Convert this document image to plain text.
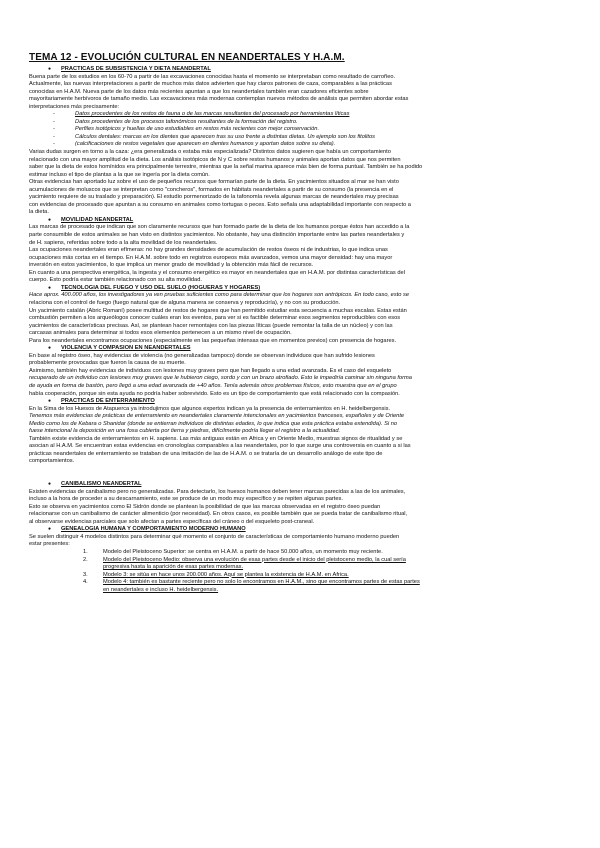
TEMA 12 - EVOLUCIÓN CULTURAL EN NEANDERTALES Y H.A.M.

● PRÁCTICAS DE SUBSISTENCIA Y DIETA NEANDERTAL

Buena parte de los estudios en los 60-70 a partir de las excavaciones conocidas hasta el momento se interpretaban como resultado de carroñeo.

Actualmente, las nuevas interpretaciones a partir de muchos más datos advierten que hay claros patrones de caza, comparables a las prácticas

conocidas en H.A.M. Nueva parte de los datos más recientes apuntan a que los neandertales también eran cazadores eficientes sobre

mayoritariamente herbívoros de tamaño medio. Las excavaciones más modernas contemplan nuevos métodos de análisis que permiten abordar estas

interpretaciones más precisamente:

-	Datos procedentes de los restos de fauna o de las marcas resultantes del procesado por herramientas líticas

-	Datos procedentes de los procesos tafonómicos resultantes de la formación del registro.

-	Perfiles isotópicos y huellas de uso estudiables en restos más recientes con mejor conservación.

-	Cálculos dentales: marcas en los dientes que aparecen tras su uso frente a distintas dietas. Un ejemplo son los fitolitos

-	(calcificaciones de restos vegetales que aparecen en dientes humanos y aportan datos sobre su dieta).

Varias dudas surgen en torno a la caza: ¿era generalizada o estaba más especializada? Distintos datos sugieren que había un comportamiento

relacionado con una mayor amplitud de la dieta. Los análisis isotópicos de N y C sobre restos humanos y animales aportan datos que nos permiten

saber que la dieta de estos homínidos era principalmente terrestre, mientras que la señal marina aparece más bien de forma puntual. También se ha podido

estimar incluso el tipo de plantas a la que se ingería por la dieta común.

Otras evidencias han aportado luz sobre el uso de pequeños recursos que formarían parte de la dieta. En yacimientos situados al mar se han visto

acumulaciones de moluscos que se interpretan como "concheros", formados en hábitats neandertales a partir de su consumo (la presencia en el

yacimiento requiere de su traslado y preparación). El estudio pormenorizado de la tafonomía revela algunas marcas de neandertales muy precisas

con evidencias de procesado que apuntan a su consumo en animales como tortugas o peces. Esto señala una adaptabilidad importante con respecto a

la dieta.

● MOVILIDAD NEANDERTAL

Las marcas de procesado que indican que son claramente recursos que han formado parte de la dieta de los humanos porque éstos han accedido a la

parte consumible de estos animales se han visto en distintos yacimientos. No obstante, hay una distinción importante entre las partes neandertales y

de H. sapiens, referidas sobre todo a la alta movilidad de los neandertales.

Las ocupaciones neandertales eran efímeras: no hay grandes densidades de acumulación de restos óseos ni de industrias, lo que indica unas

ocupaciones más cortas en el tiempo. En H.A.M. sobre todo en registros europeos más avanzados, vemos una mayor densidad: hay una mayor

inversión en estos yacimientos, lo que implica un menor grado de movilidad y la obtención más fácil de recursos.

En cuanto a una perspectiva energética, la ingesta y el consumo energético es mayor en neandertales que en H.A.M. por distintas características del

cuerpo. Esto podría estar también relacionado con su alta movilidad.

● TECNOLOGÍA DEL FUEGO Y USO DEL SUELO (HOGUERAS Y HOGARES)

Hace aprox. 400.000 años, los investigadores ya ven pruebas suficientes como para determinar que los hogares son antrópicos. En todo caso, esto se

relaciona con el control de fuego (fuego natural que de alguna manera se conserva y reproduciría), y no con su producción.

Un yacimiento catalán (Abric Romaní) posee multitud de restos de hogares que han permitido estudiar esta secuencia a muchas escalas. Estas están

combustión permiten a los arqueólogos conocer cuáles eran los eventos, para ver si es factible determinar esos segmentos reproducibles con esos

yacimientos de características precisas. Así, se plantean hacer remontajes con las piezas líticas (puede remontar la talla de un núcleo) y con las

carcasas animales para determinar si todos esos elementos pertenecen a un mismo nivel de ocupación.

Para los neandertales encontramos ocupaciones (especialmente en las pequeñas intensas que en momentos previos) con presencia de hogares.

● VIOLENCIA Y COMPASIÓN EN NEANDERTALES

En base al registro óseo, hay evidencias de violencia (no generalizadas tampoco) donde se observan individuos que han sufrido lesiones

probablemente provocadas que fueron la causa de su muerte.

Asimismo, también hay evidencias de individuos con lesiones muy graves pero que han llegado a una edad avanzada. Es el caso del esqueleto

recuperado de un individuo con lesiones muy graves que le hubieron ciego, sordo y con un brazo atrofiado. Esto le impediría caminar sin ninguna forma

de ayuda en forma de bastón, pero llegó a una edad avanzada de +40 años. Tenía además otros problemas físicos, esto muestra que en el grupo

había cooperación, porque sin esta ayuda no podría haber sobrevivido. Esto es un tipo de comportamiento que está relacionado con la compasión.

● PRÁCTICAS DE ENTERRAMIENTO

En la Sima de los Huesos de Atapuerca ya introdujimos que algunos expertos indican ya la presencia de enterramientos en H. heidelbergensis.

Tenemos más evidencias de prácticas de enterramiento en neandertales claramente intencionales en yacimientos franceses, españoles y de Oriente

Medio como los de Kebara o Shanidar (donde se entierran individuos de distintas edades, lo que indica que esta práctica estaba extendida). Si no

fuese intencional la deposición en una fosa cubierta por tierra y piedras, difícilmente podría llegar el registro a la actualidad.

También existe evidencia de enterramientos en H. sapiens. Las más antiguas están en África y en Oriente Medio, muestras signos de ritualidad y se

asocian al H.A.M. Se encuentran estas evidencias en cronologías comparables a las neandertales, por lo que surge una controversia en cuanto a si las

prácticas neandertales de enterramiento se trataban de una imitación de las de H.A.M. o se trataría de un desarrollo análogo de este tipo de

comportamientos.

● CANIBALISMO NEANDERTAL

Existen evidencias de canibalismo pero no generalizadas. Para detectarlo, los huesos humanos deben tener marcas parecidas a las de los animales,

incluso a la hora de proceder a su descarnamiento, este se produce de un modo muy específico y se repiten algunas partes.

Esto se observa en yacimientos como El Sidrón donde se plantean la posibilidad de que las marcas observadas en el registro óseo puedan

relacionarse con un canibalismo de carácter alimenticio (por necesidad). En otros casos, es posible también que se pueda tratar de canibalismo ritual,

al observarse evidencias parciales que solo afectan a partes específicas del cráneo o del esqueleto post-craneal.

● GENEALOGÍA HUMANA Y COMPORTAMIENTO MODERNO HUMANO

Se suelen distinguir 4 modelos distintos para determinar qué momento el conjunto de características de comportamiento humano moderno pueden

estar presentes:

1.	Modelo del Pleistoceno Superior: se centra en H.A.M. a partir de hace 50.000 años, un momento muy reciente.

2.	Modelo del Pleistoceno Medio: observa una evolución de esas partes desde el inicio del pleistoceno medio, la cual sería

progresiva hasta la aparición de esas partes modernas.

3.	Modelo 3: se sitúa en hace unos 200.000 años. Aquí se plantea la existencia de H.A.M. en África.

4.	Modelo 4: también es bastante reciente pero no solo lo encontramos en H.A.M., sino que encontramos partes de estas partes

en neandertales e incluso H. heidelbergensis.
